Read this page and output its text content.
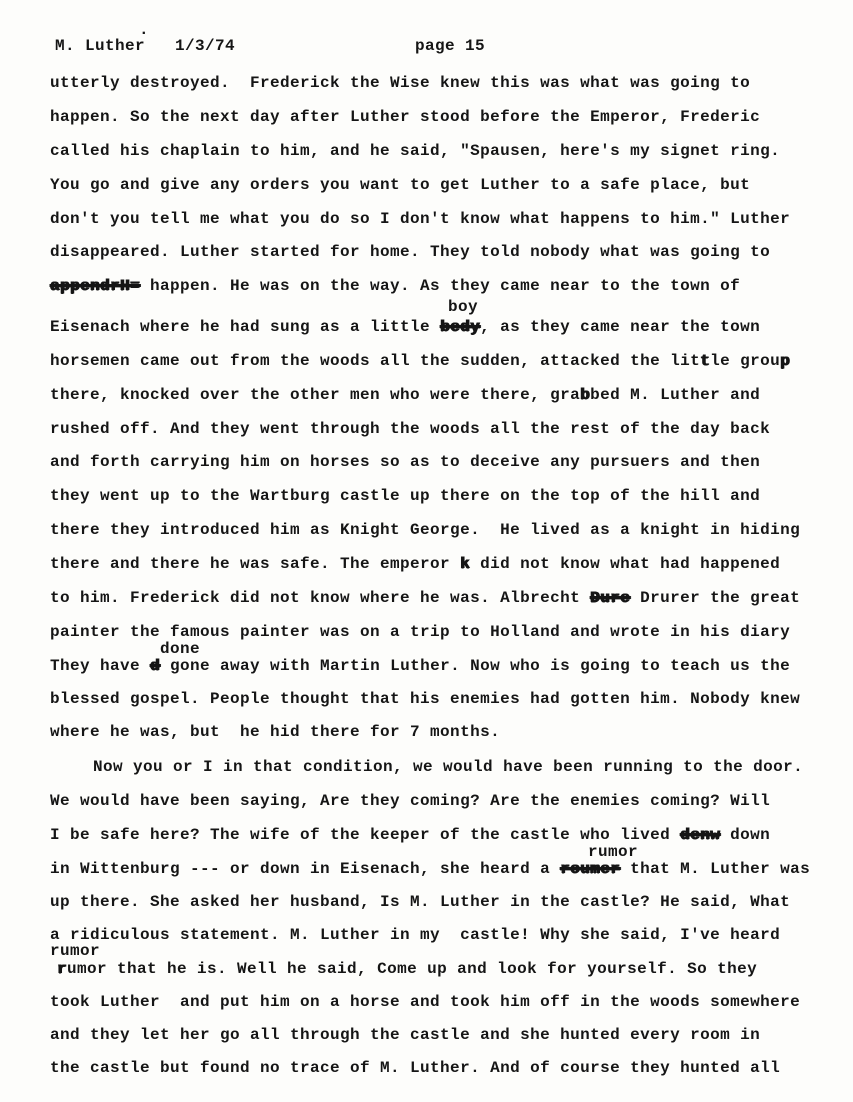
.
M. Luther   1/3/74	page 15
utterly destroyed.  Frederick the Wise knew this was what was going to
happen. So the next day after Luther stood before the Emperor, Frederic
called his chaplain to him, and he said, "Spausen, here's my signet ring.
You go and give any orders you want to get Luther to a safe place, but
don't you tell me what you do so I don't know what happens to him." Luther
disappeared. Luther started for home. They told nobody what was going to
appendrH= happen. He was on the way. As they came near to the town of
boy
Eisenach where he had sung as a little bedy, as they came near the town
horsemen came out from the woods all the sudden, attacked the little group
there, knocked over the other men who were there, grabbed M. Luther and
rushed off. And they went through the woods all the rest of the day back
and forth carrying him on horses so as to deceive any pursuers and then
they went up to the Wartburg castle up there on the top of the hill and
there they introduced him as Knight George.  He lived as a knight in hiding
there and there he was safe. The emperor k did not know what had happened
to him. Frederick did not know where he was. Albrecht Dure Drurer the great
painter the famous painter was on a trip to Holland and wrote in his diary
done
They have d gone away with Martin Luther. Now who is going to teach us the
blessed gospel. People thought that his enemies had gotten him. Nobody knew
where he was, but  he hid there for 7 months.
Now you or I in that condition, we would have been running to the door.
We would have been saying, Are they coming? Are the enemies coming? Will
I be safe here? The wife of the keeper of the castle who lived denw down
rumor
in Wittenburg --- or down in Eisenach, she heard a roumer that M. Luther was
up there. She asked her husband, Is M. Luther in the castle? He said, What
a ridiculous statement. M. Luther in my  castle! Why she said, I've heard
rumor
rumor that he is. Well he said, Come up and look for yourself. So they
took Luther  and put him on a horse and took him off in the woods somewhere
and they let her go all through the castle and she hunted every room in
the castle but found no trace of M. Luther. And of course they hunted all
